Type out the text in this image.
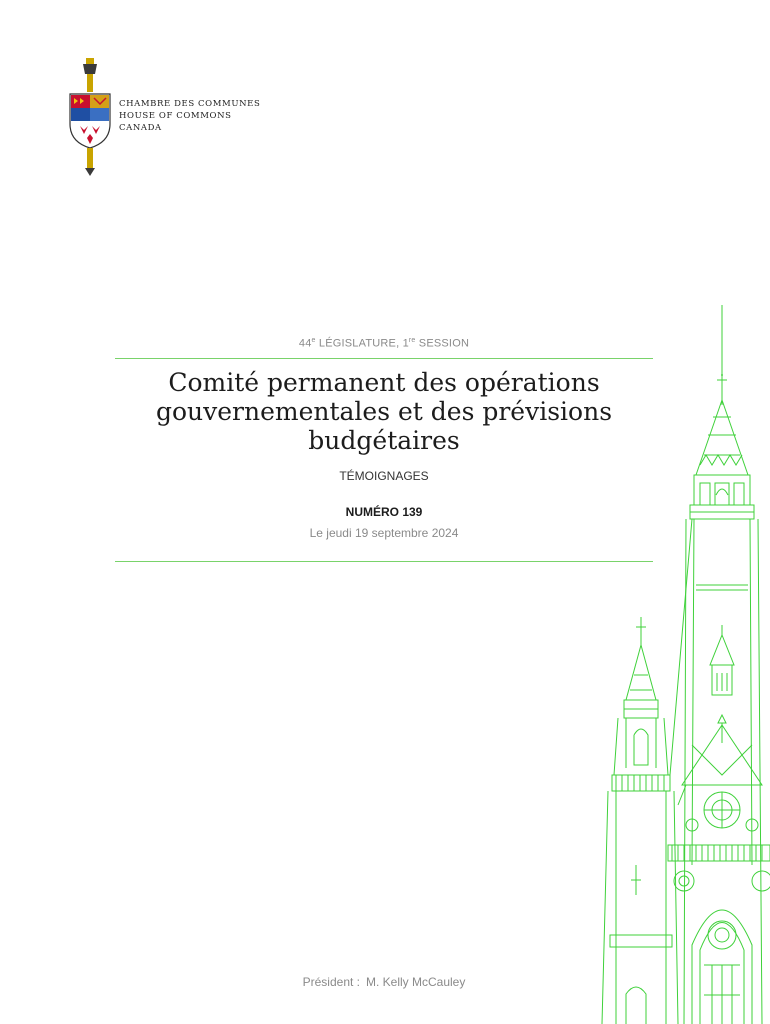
CHAMBRE DES COMMUNES
HOUSE OF COMMONS
CANADA
44e LÉGISLATURE, 1re SESSION
Comité permanent des opérations
gouvernementales et des prévisions
budgétaires
TÉMOIGNAGES
NUMÉRO 139
Le jeudi 19 septembre 2024
Président : M. Kelly McCauley
